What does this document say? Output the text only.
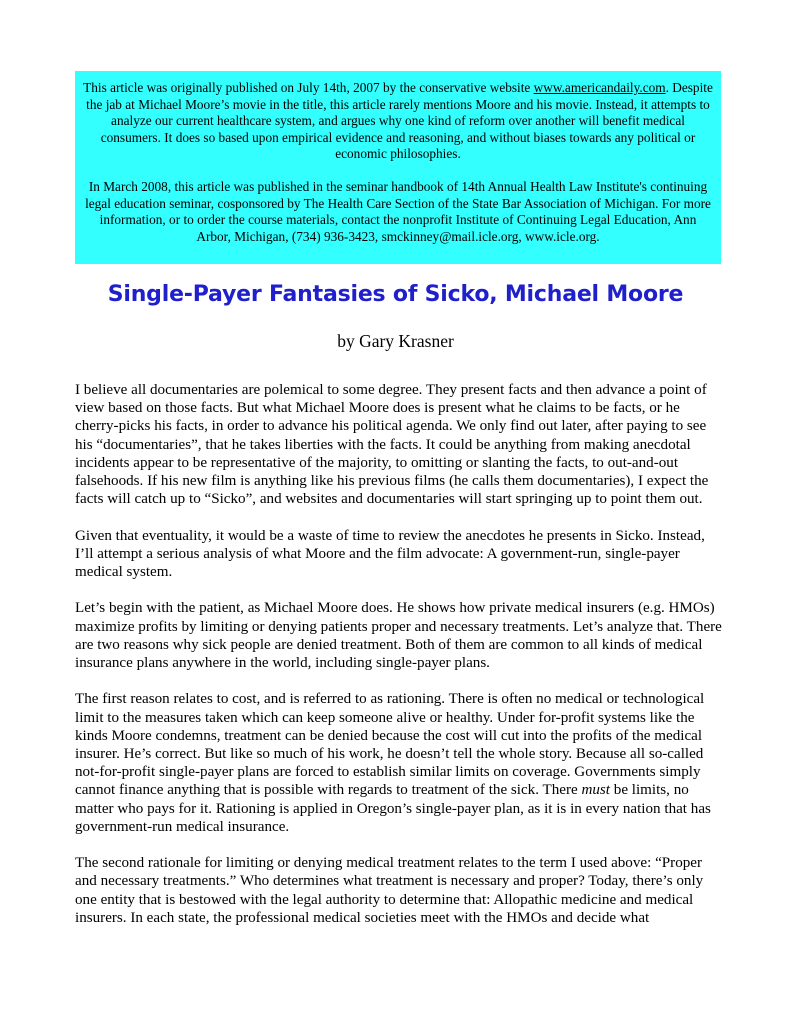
This article was originally published on July 14th, 2007 by the conservative website www.americandaily.com. Despite the jab at Michael Moore’s movie in the title, this article rarely mentions Moore and his movie. Instead, it attempts to analyze our current healthcare system, and argues why one kind of reform over another will benefit medical consumers. It does so based upon empirical evidence and reasoning, and without biases towards any political or economic philosophies.

In March 2008, this article was published in the seminar handbook of 14th Annual Health Law Institute's continuing legal education seminar, cosponsored by The Health Care Section of the State Bar Association of Michigan. For more information, or to order the course materials, contact the nonprofit Institute of Continuing Legal Education, Ann Arbor, Michigan, (734) 936-3423, smckinney@mail.icle.org, www.icle.org.

Single-Payer Fantasies of Sicko, Michael Moore

by Gary Krasner

I believe all documentaries are polemical to some degree. They present facts and then advance a point of view based on those facts. But what Michael Moore does is present what he claims to be facts, or he cherry-picks his facts, in order to advance his political agenda. We only find out later, after paying to see his “documentaries”, that he takes liberties with the facts. It could be anything from making anecdotal incidents appear to be representative of the majority, to omitting or slanting the facts, to out-and-out falsehoods. If his new film is anything like his previous films (he calls them documentaries), I expect the facts will catch up to “Sicko”, and websites and documentaries will start springing up to point them out.

Given that eventuality, it would be a waste of time to review the anecdotes he presents in Sicko. Instead, I’ll attempt a serious analysis of what Moore and the film advocate: A government-run, single-payer medical system.

Let’s begin with the patient, as Michael Moore does. He shows how private medical insurers (e.g. HMOs) maximize profits by limiting or denying patients proper and necessary treatments. Let’s analyze that. There are two reasons why sick people are denied treatment. Both of them are common to all kinds of medical insurance plans anywhere in the world, including single-payer plans.

The first reason relates to cost, and is referred to as rationing. There is often no medical or technological limit to the measures taken which can keep someone alive or healthy. Under for-profit systems like the kinds Moore condemns, treatment can be denied because the cost will cut into the profits of the medical insurer. He’s correct. But like so much of his work, he doesn’t tell the whole story. Because all so-called not-for-profit single-payer plans are forced to establish similar limits on coverage. Governments simply cannot finance anything that is possible with regards to treatment of the sick. There must be limits, no matter who pays for it. Rationing is applied in Oregon’s single-payer plan, as it is in every nation that has government-run medical insurance.

The second rationale for limiting or denying medical treatment relates to the term I used above: “Proper and necessary treatments.” Who determines what treatment is necessary and proper? Today, there’s only one entity that is bestowed with the legal authority to determine that: Allopathic medicine and medical insurers. In each state, the professional medical societies meet with the HMOs and decide what
